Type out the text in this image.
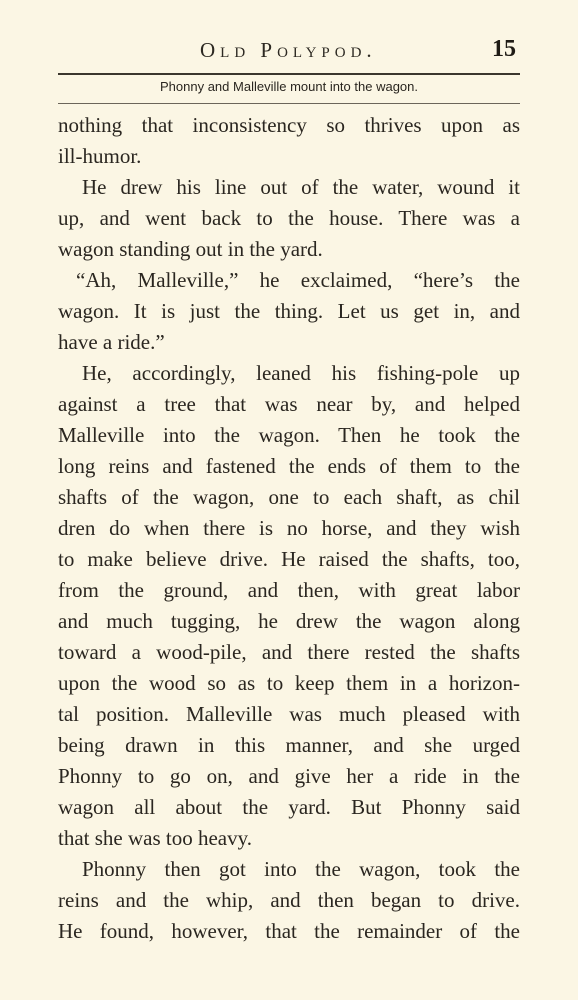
Old Polypod.	15
Phonny and Malleville mount into the wagon.
nothing that inconsistency so thrives upon as
ill-humor.
He drew his line out of the water, wound it
up, and went back to the house. There was a
wagon standing out in the yard.
“Ah, Malleville,” he exclaimed, “here’s the
wagon. It is just the thing. Let us get in, and
have a ride.”
He, accordingly, leaned his fishing-pole up
against a tree that was near by, and helped
Malleville into the wagon. Then he took the
long reins and fastened the ends of them to the
shafts of the wagon, one to each shaft, as chil
dren do when there is no horse, and they wish
to make believe drive. He raised the shafts, too,
from the ground, and then, with great labor
and much tugging, he drew the wagon along
toward a wood-pile, and there rested the shafts
upon the wood so as to keep them in a horizon-
tal position. Malleville was much pleased with
being drawn in this manner, and she urged
Phonny to go on, and give her a ride in the
wagon all about the yard. But Phonny said
that she was too heavy.
Phonny then got into the wagon, took the
reins and the whip, and then began to drive.
He found, however, that the remainder of the
